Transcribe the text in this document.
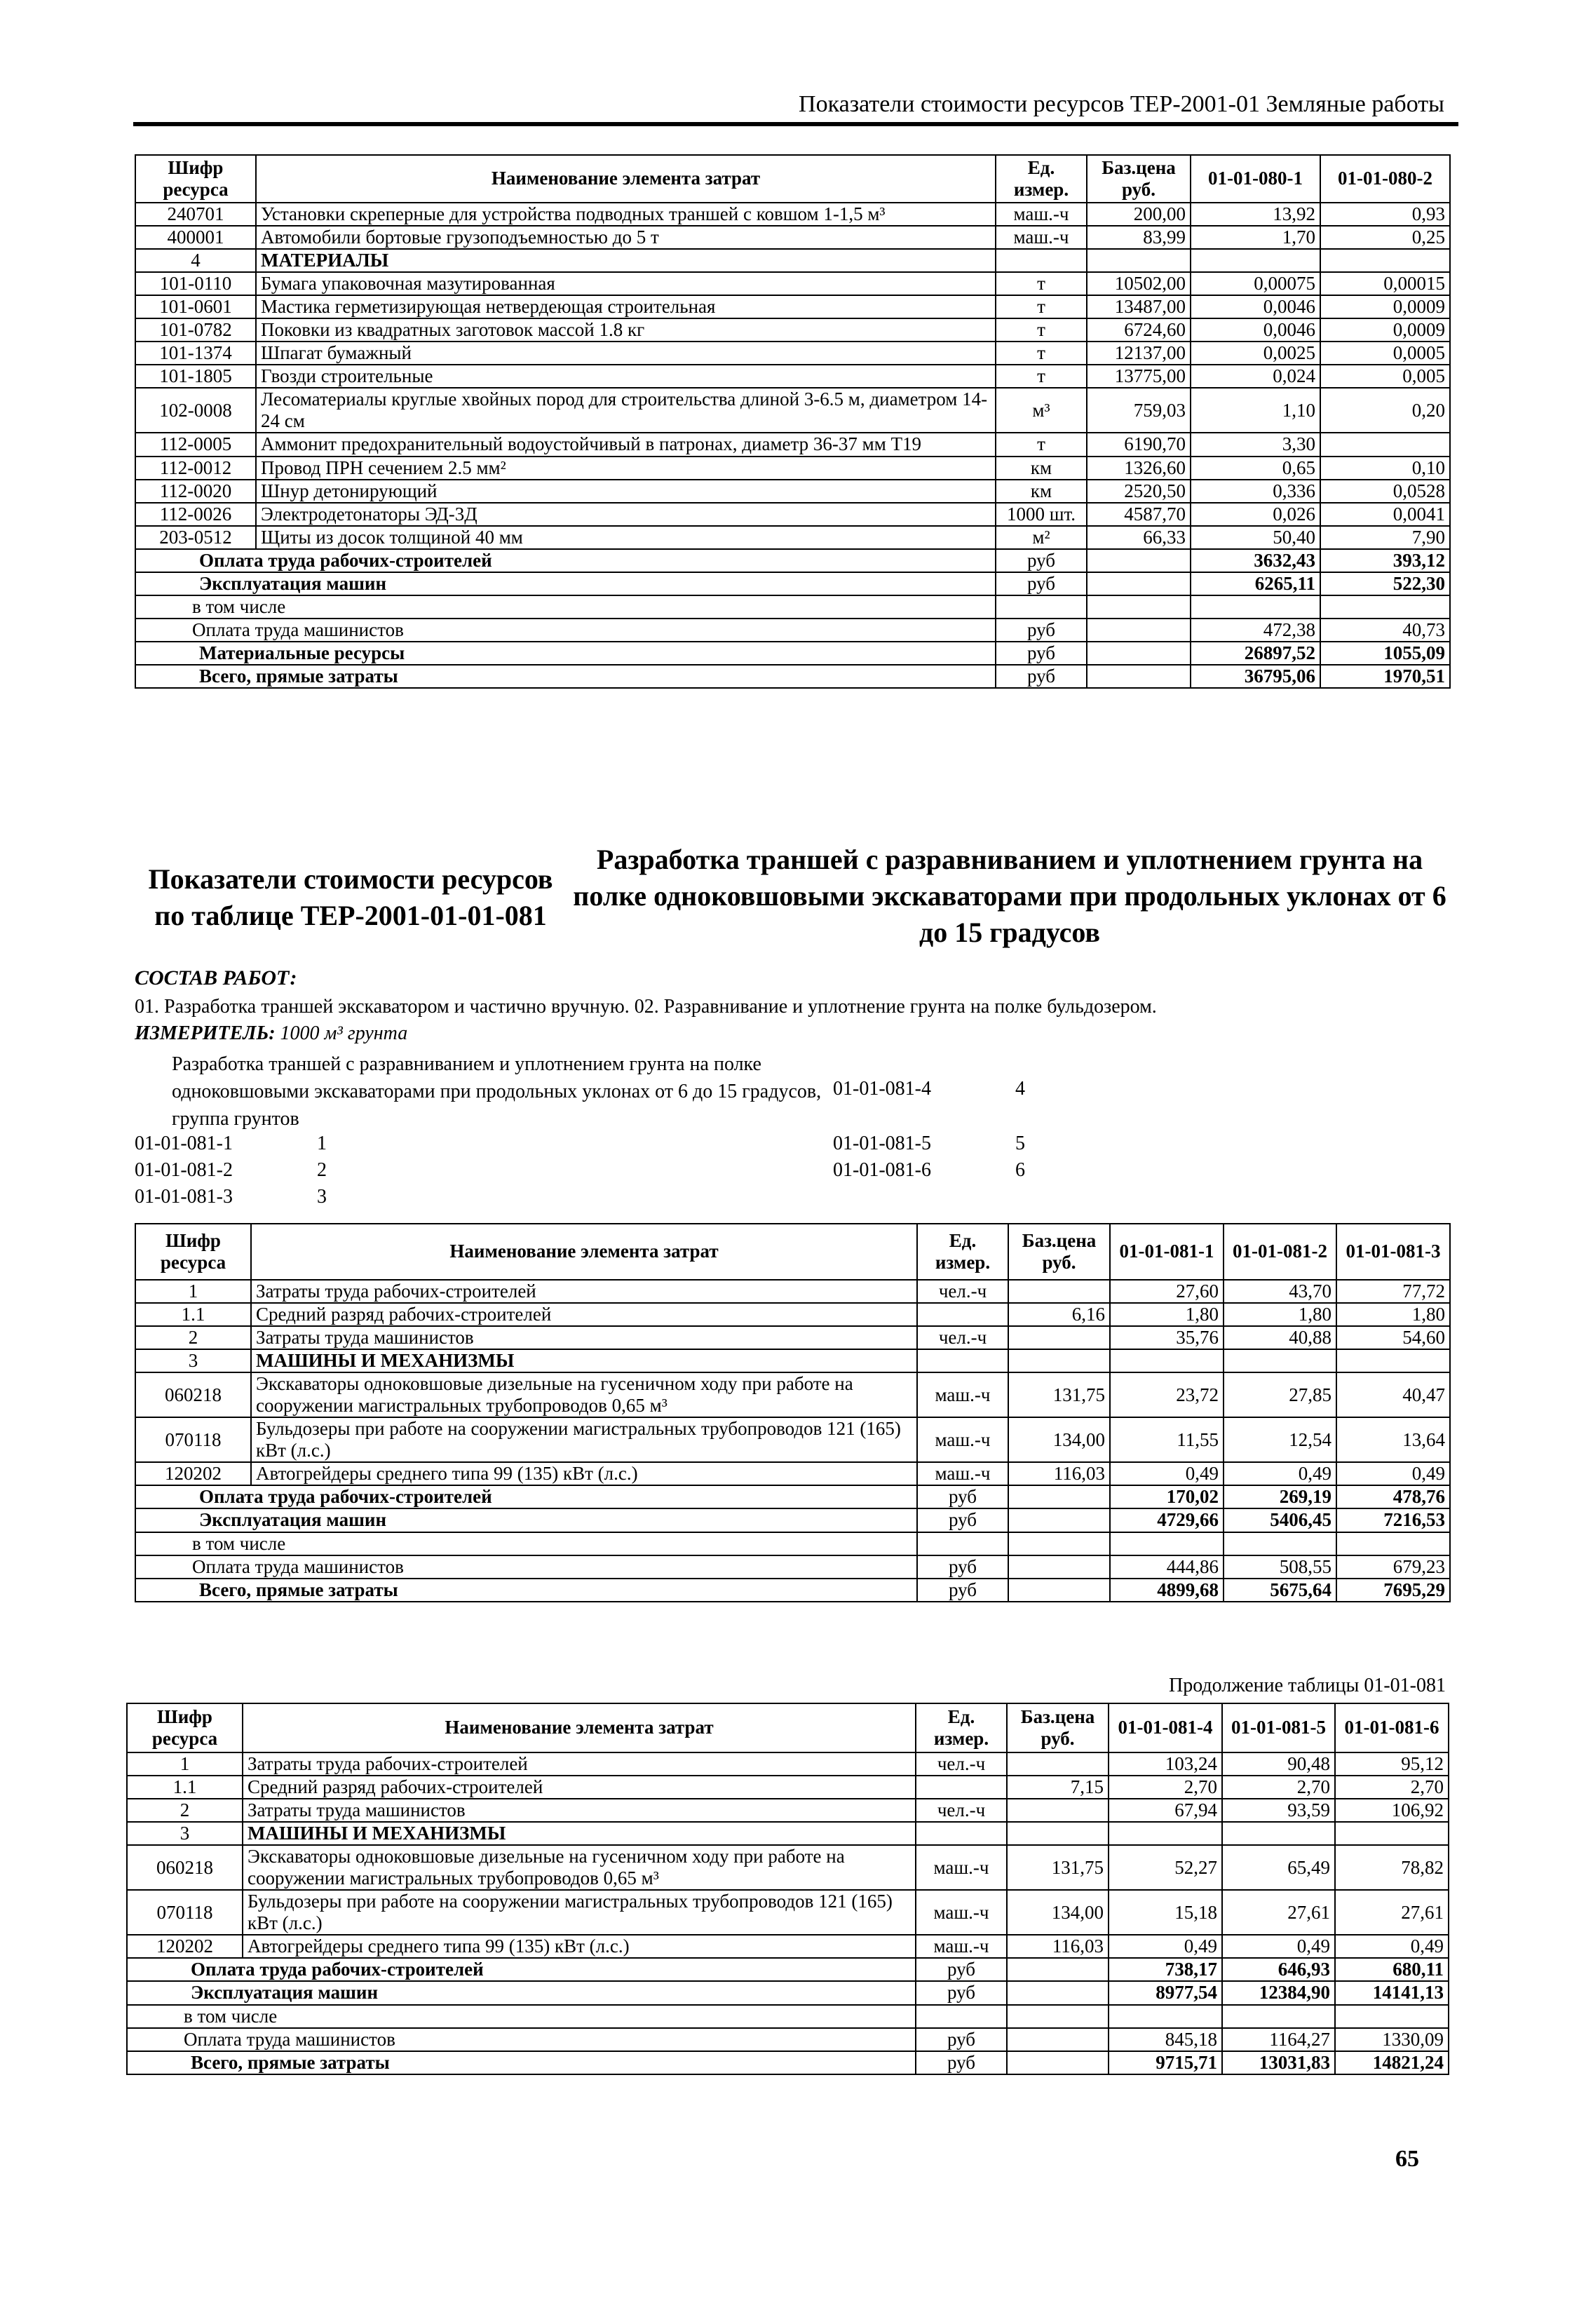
Показатели стоимости ресурсов ТЕР-2001-01 Земляные работы
Шифр ресурса	Наименование элемента затрат	Ед. измер.	Баз.цена руб.	01-01-080-1	01-01-080-2
240701	Установки скреперные для устройства подводных траншей с ковшом 1-1,5 м³	маш.-ч	200,00	13,92	0,93
400001	Автомобили бортовые грузоподъемностью до 5 т	маш.-ч	83,99	1,70	0,25
4	МАТЕРИАЛЫ				
101-0110	Бумага упаковочная мазутированная	т	10502,00	0,00075	0,00015
101-0601	Мастика герметизирующая нетвердеющая строительная	т	13487,00	0,0046	0,0009
101-0782	Поковки из квадратных заготовок массой 1.8 кг	т	6724,60	0,0046	0,0009
101-1374	Шпагат бумажный	т	12137,00	0,0025	0,0005
101-1805	Гвозди строительные	т	13775,00	0,024	0,005
102-0008	Лесоматериалы круглые хвойных пород для строительства длиной 3-6.5 м, диаметром 14-24 см	м³	759,03	1,10	0,20
112-0005	Аммонит предохранительный водоустойчивый в патронах, диаметр 36-37 мм Т19	т	6190,70	3,30	
112-0012	Провод ПРН сечением 2.5 мм²	км	1326,60	0,65	0,10
112-0020	Шнур детонирующий	км	2520,50	0,336	0,0528
112-0026	Электродетонаторы ЭД-3Д	1000 шт.	4587,70	0,026	0,0041
203-0512	Щиты из досок толщиной 40 мм	м²	66,33	50,40	7,90
Оплата труда рабочих-строителей		руб		3632,43	393,12
Эксплуатация машин		руб		6265,11	522,30
в том числе					
Оплата труда машинистов		руб		472,38	40,73
Материальные ресурсы		руб		26897,52	1055,09
Всего, прямые затраты		руб		36795,06	1970,51
Показатели стоимости ресурсов по таблице ТЕР-2001-01-01-081
Разработка траншей с разравниванием и уплотнением грунта на полке одноковшовыми экскаваторами при продольных уклонах от 6 до 15 градусов
СОСТАВ РАБОТ:
01. Разработка траншей экскаватором и частично вручную. 02. Разравнивание и уплотнение грунта на полке бульдозером.
ИЗМЕРИТЕЛЬ: 1000 м³ грунта
Разработка траншей с разравниванием и уплотнением грунта на полке одноковшовыми экскаваторами при продольных уклонах от 6 до 15 градусов, группа грунтов
01-01-081-1	1
01-01-081-2	2
01-01-081-3	3
01-01-081-4	4
01-01-081-5	5
01-01-081-6	6
Шифр ресурса	Наименование элемента затрат	Ед. измер.	Баз.цена руб.	01-01-081-1	01-01-081-2	01-01-081-3
1	Затраты труда рабочих-строителей	чел.-ч		27,60	43,70	77,72
1.1	Средний разряд рабочих-строителей		6,16	1,80	1,80	1,80
2	Затраты труда машинистов	чел.-ч		35,76	40,88	54,60
3	МАШИНЫ И МЕХАНИЗМЫ					
060218	Экскаваторы одноковшовые дизельные на гусеничном ходу при работе на сооружении магистральных трубопроводов 0,65 м³	маш.-ч	131,75	23,72	27,85	40,47
070118	Бульдозеры при работе на сооружении магистральных трубопроводов 121 (165) кВт (л.с.)	маш.-ч	134,00	11,55	12,54	13,64
120202	Автогрейдеры среднего типа 99 (135) кВт (л.с.)	маш.-ч	116,03	0,49	0,49	0,49
Оплата труда рабочих-строителей		руб		170,02	269,19	478,76
Эксплуатация машин		руб		4729,66	5406,45	7216,53
в том числе						
Оплата труда машинистов		руб		444,86	508,55	679,23
Всего, прямые затраты		руб		4899,68	5675,64	7695,29
Продолжение таблицы 01-01-081
Шифр ресурса	Наименование элемента затрат	Ед. измер.	Баз.цена руб.	01-01-081-4	01-01-081-5	01-01-081-6
1	Затраты труда рабочих-строителей	чел.-ч		103,24	90,48	95,12
1.1	Средний разряд рабочих-строителей		7,15	2,70	2,70	2,70
2	Затраты труда машинистов	чел.-ч		67,94	93,59	106,92
3	МАШИНЫ И МЕХАНИЗМЫ					
060218	Экскаваторы одноковшовые дизельные на гусеничном ходу при работе на сооружении магистральных трубопроводов 0,65 м³	маш.-ч	131,75	52,27	65,49	78,82
070118	Бульдозеры при работе на сооружении магистральных трубопроводов 121 (165) кВт (л.с.)	маш.-ч	134,00	15,18	27,61	27,61
120202	Автогрейдеры среднего типа 99 (135) кВт (л.с.)	маш.-ч	116,03	0,49	0,49	0,49
Оплата труда рабочих-строителей		руб		738,17	646,93	680,11
Эксплуатация машин		руб		8977,54	12384,90	14141,13
в том числе						
Оплата труда машинистов		руб		845,18	1164,27	1330,09
Всего, прямые затраты		руб		9715,71	13031,83	14821,24
65
